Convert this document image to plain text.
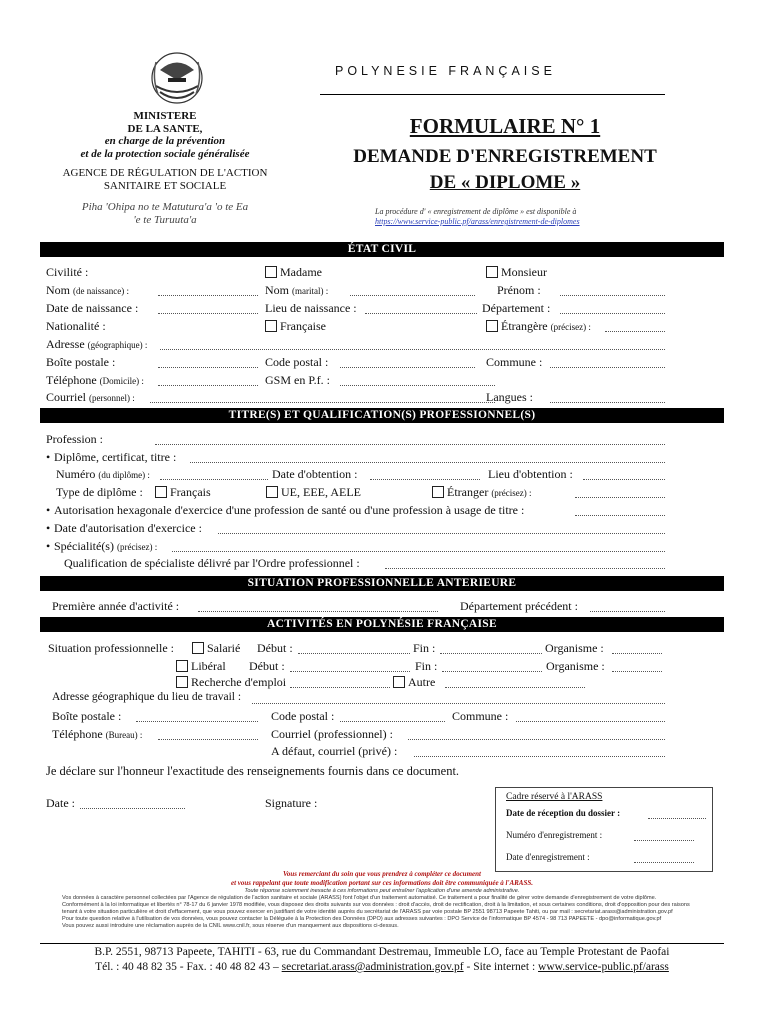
POLYNESIE FRANÇAISE
MINISTERE
DE LA SANTE,
en charge de la prévention
et de la protection sociale généralisée
AGENCE DE RÉGULATION DE L'ACTION
SANITAIRE ET SOCIALE
Piha 'Ohipa no te Matutura'a 'o te Ea
'e te Turuuta'a
FORMULAIRE N° 1
DEMANDE D'ENREGISTREMENT
DE « DIPLOME »
La procédure d' « enregistrement de diplôme » est disponible à
https://www.service-public.pf/arass/enregistrement-de-diplomes
ÉTAT CIVIL
Civilité :	Madame	Monsieur
Nom (de naissance) :	Nom (marital) :	Prénom :
Date de naissance :	Lieu de naissance :	Département :
Nationalité :	Française	Étrangère (précisez) :
Adresse (géographique) :
Boîte postale :	Code postal :	Commune :
Téléphone (Domicile) :	GSM en P.f. :
Courriel (personnel) :	Langues :
TITRE(S) ET QUALIFICATION(S) PROFESSIONNEL(S)
Profession :
• Diplôme, certificat, titre :
Numéro (du diplôme) :	Date d'obtention :	Lieu d'obtention :
Type de diplôme :	Français	UE, EEE, AELE	Étranger (précisez) :
• Autorisation hexagonale d'exercice d'une profession de santé ou d'une profession à usage de titre :
• Date d'autorisation d'exercice :
• Spécialité(s) (précisez) :
Qualification de spécialiste délivré par l'Ordre professionnel :
SITUATION PROFESSIONNELLE ANTERIEURE
Première année d'activité :	Département précédent :
ACTIVITÉS EN POLYNÉSIE FRANÇAISE
Situation professionnelle :	Salarié Début :	Fin :	Organisme :
Libéral Début :	Fin :	Organisme :
Recherche d'emploi	Autre
Adresse géographique du lieu de travail :
Boîte postale :	Code postal :	Commune :
Téléphone (Bureau) :	Courriel (professionnel) :
A défaut, courriel (privé) :
Je déclare sur l'honneur l'exactitude des renseignements fournis dans ce document.
Date :	Signature :	Cadre réservé à l'ARASS
Date de réception du dossier :
Numéro d'enregistrement :
Date d'enregistrement :
Vous remerciant du soin que vous prendrez à compléter ce document
et vous rappelant que toute modification portant sur ces informations doit être communiquée à l'ARASS.
Toute réponse sciemment inexacte à ces informations peut entraîner l'application d'une amende administrative.
Vos données à caractère personnel collectées par l'Agence de régulation de l'action sanitaire et sociale (ARASS) font l'objet d'un traitement automatisé. Ce traitement a pour finalité de gérer votre demande d'enregistrement de votre diplôme.
Conformément à la loi informatique et libertés n° 78-17 du 6 janvier 1978 modifiée, vous disposez des droits suivants sur vos données : droit d'accès, droit de rectification, droit à la limitation, et sous certaines conditions, droit d'opposition pour des raisons tenant à votre situation particulière et droit d'effacement, que vous pouvez exercer en justifiant de votre identité auprès du secrétariat de l'ARASS par voie postale BP 2551 98713 Papeete Tahiti, ou par mail : secretariat.arass@administration.gov.pf
Pour toute question relative à l'utilisation de vos données, vous pouvez contacter la Déléguée à la Protection des Données (DPO) aux adresses suivantes : DPO Service de l'informatique BP 4574 - 98 713 PAPEETE - dpo@informatique.gov.pf
Vous pouvez aussi introduire une réclamation auprès de la CNIL www.cnil.fr, sous réserve d'un manquement aux dispositions ci-dessus.
B.P. 2551, 98713 Papeete, TAHITI - 63, rue du Commandant Destremau, Immeuble LO, face au Temple Protestant de Paofai
Tél. : 40 48 82 35 - Fax. : 40 48 82 43 – secretariat.arass@administration.gov.pf - Site internet : www.service-public.pf/arass
